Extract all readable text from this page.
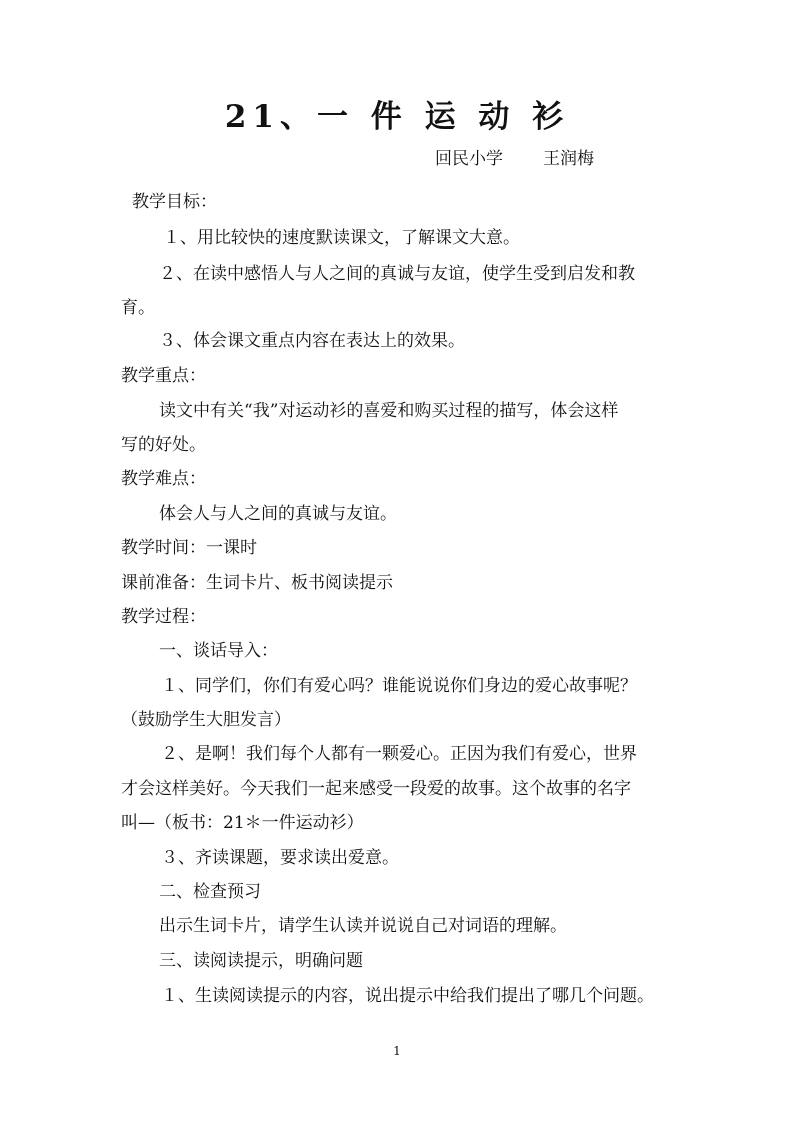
21、一 件 运 动 衫
回民小学 王润梅
教学目标：
１、用比较快的速度默读课文，了解课文大意。
２、在读中感悟人与人之间的真诚与友谊，使学生受到启发和教
育。
３、体会课文重点内容在表达上的效果。
教学重点：
读文中有关“我”对运动衫的喜爱和购买过程的描写，体会这样
写的好处。
教学难点：
体会人与人之间的真诚与友谊。
教学时间：一课时
课前准备：生词卡片、板书阅读提示
教学过程：
一、谈话导入：
１、同学们，你们有爱心吗？谁能说说你们身边的爱心故事呢？
（鼓励学生大胆发言）
２、是啊！我们每个人都有一颗爱心。正因为我们有爱心，世界
才会这样美好。今天我们一起来感受一段爱的故事。这个故事的名字
叫—（板书：21＊一件运动衫）
３、齐读课题，要求读出爱意。
二、检查预习
出示生词卡片，请学生认读并说说自己对词语的理解。
三、读阅读提示，明确问题
１、生读阅读提示的内容，说出提示中给我们提出了哪几个问题。
1
